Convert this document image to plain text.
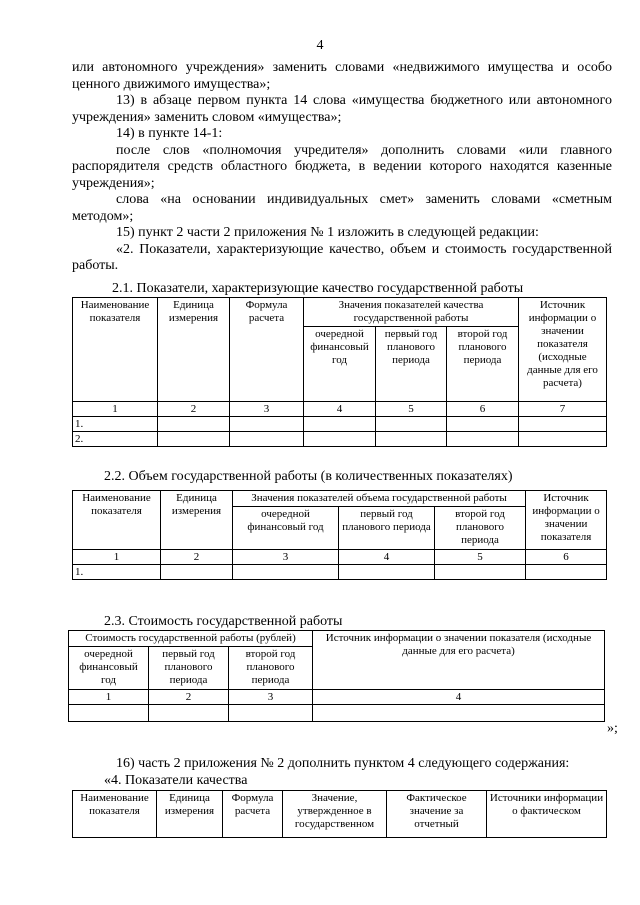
4

или автономного учреждения» заменить словами «недвижимого имущества и особо ценного движимого имущества»;

13) в абзаце первом пункта 14 слова «имущества бюджетного или автономного учреждения» заменить словом «имущества»;

14) в пункте 14-1:

после слов «полномочия учредителя» дополнить словами «или главного распорядителя средств областного бюджета, в ведении которого находятся казенные учреждения»;

слова «на основании индивидуальных смет» заменить словами «сметным методом»;

15) пункт 2 части 2 приложения № 1 изложить в следующей редакции:

«2. Показатели, характеризующие качество, объем и стоимость государственной работы.

2.1. Показатели, характеризующие качество государственной работы
Наименование показателя	Единица измерения	Формула расчета	Значения показателей качества государственной работы			Источник информации о значении показателя (исходные данные для его расчета)
			очередной финансовый год	первый год планового периода	второй год планового периода	
1	2	3	4	5	6	7
1.						
2.						
2.2. Объем государственной работы (в количественных показателях)
Наименование показателя	Единица измерения	Значения показателей объема государственной работы			Источник информации о значении показателя
		очередной финансовый год	первый год планового периода	второй год планового периода	
1	2	3	4	5	6
1.					
2.3. Стоимость государственной работы
Стоимость государственной работы (рублей)			Источник информации о значении показателя (исходные данные для его расчета)
очередной финансовый год	первый год планового периода	второй год планового периода	
1	2	3	4

»;

16) часть 2 приложения № 2 дополнить пунктом 4 следующего содержания:

«4. Показатели качества
Наименование показателя	Единица измерения	Формула расчета	Значение, утвержденное в государственном	Фактическое значение за отчетный	Источники информации о фактическом
